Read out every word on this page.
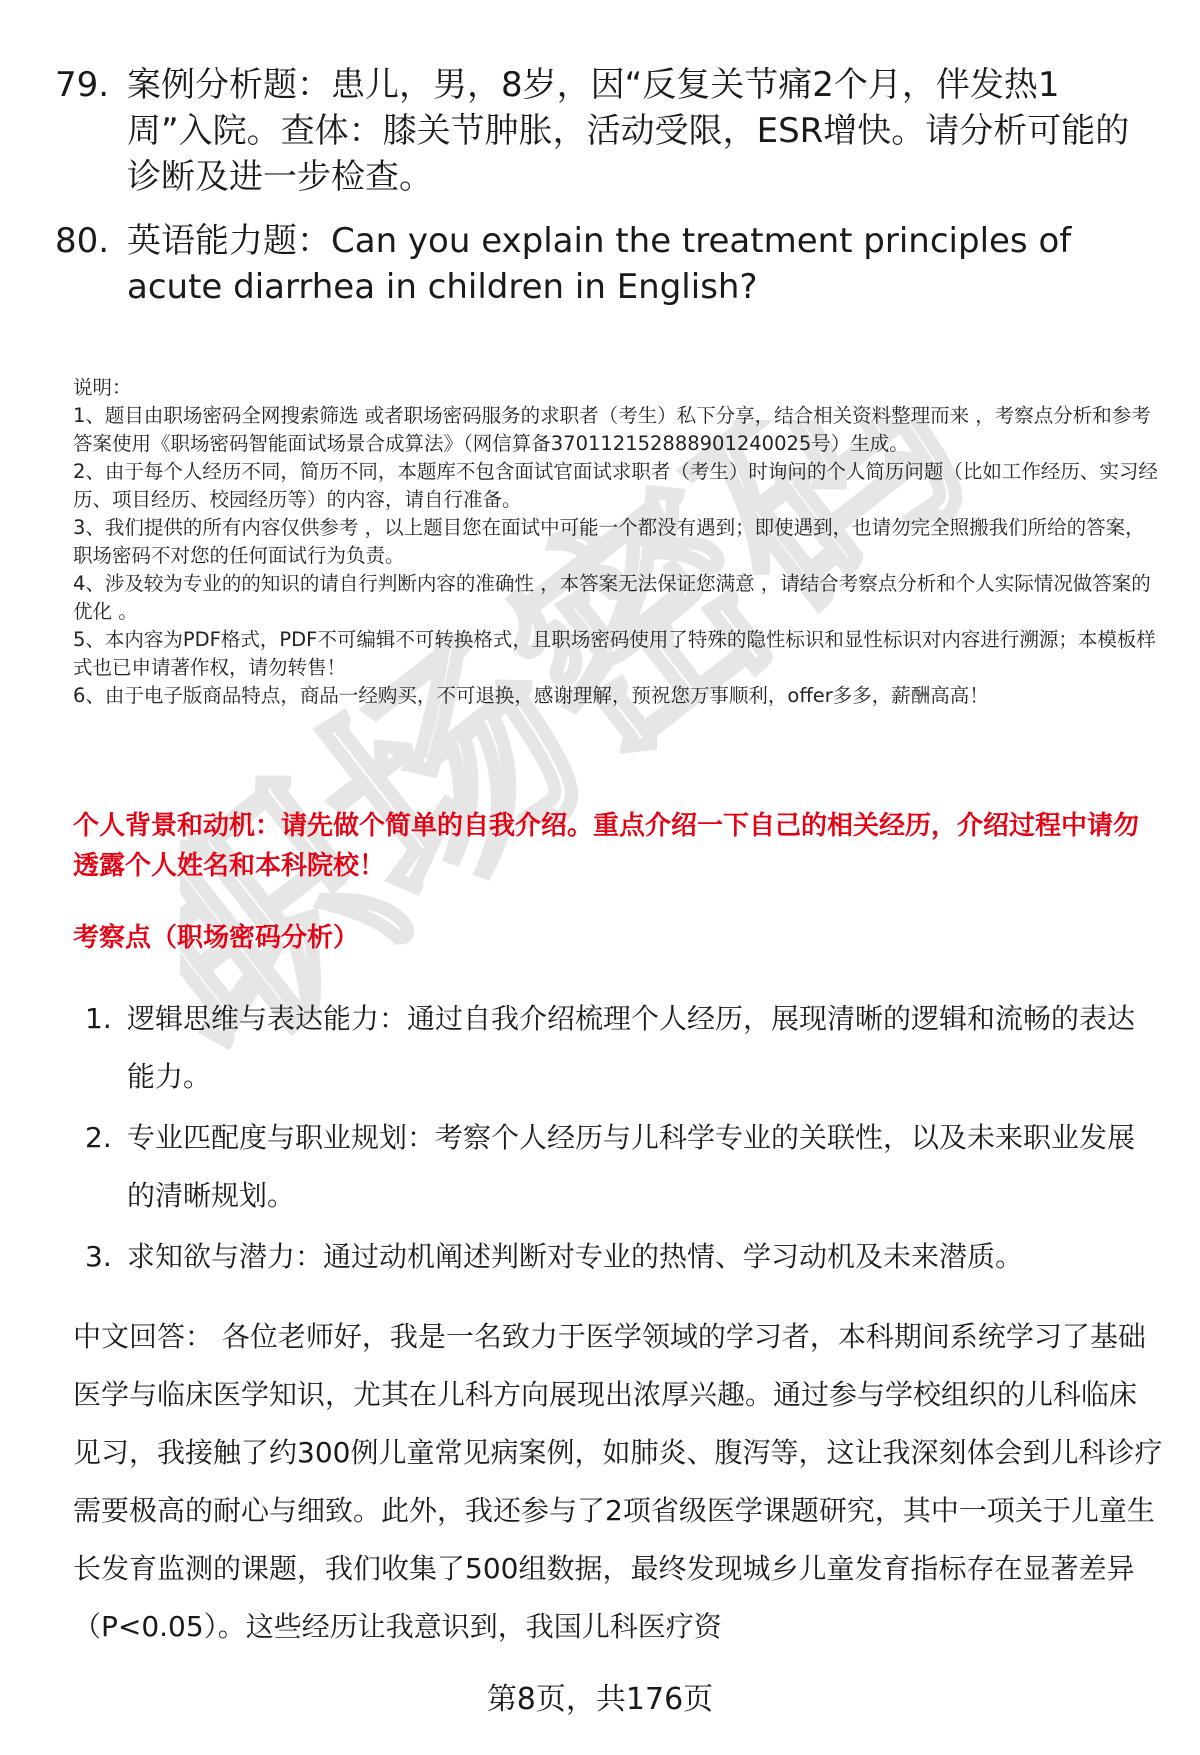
职场密码
79. 案例分析题：患儿，男，8岁，因“反复关节痛2个月，伴发热1周”入院。查体：膝关节肿胀，活动受限，ESR增快。请分析可能的诊断及进一步检查。
80. 英语能力题：Can you explain the treatment principles of acute diarrhea in children in English?

说明：

1、题目由职场密码全网搜索筛选 或者职场密码服务的求职者（考生）私下分享，结合相关资料整理而来 ，考察点分析和参考答案使用《职场密码智能面试场景合成算法》（网信算备370112152888901240025号）生成。

2、由于每个人经历不同，简历不同，本题库不包含面试官面试求职者（考生）时询问的个人简历问题（比如工作经历、实习经历、项目经历、校园经历等）的内容，请自行准备。

3、我们提供的所有内容仅供参考 ，以上题目您在面试中可能一个都没有遇到；即使遇到，也请勿完全照搬我们所给的答案，职场密码不对您的任何面试行为负责。

4、涉及较为专业的的知识的请自行判断内容的准确性 ，本答案无法保证您满意 ，请结合考察点分析和个人实际情况做答案的优化 。

5、本内容为PDF格式，PDF不可编辑不可转换格式，且职场密码使用了特殊的隐性标识和显性标识对内容进行溯源；本模板样式也已申请著作权，请勿转售！

6、由于电子版商品特点，商品一经购买，不可退换，感谢理解，预祝您万事顺利，offer多多，薪酬高高！

个人背景和动机：请先做个简单的自我介绍。重点介绍一下自己的相关经历，介绍过程中请勿透露个人姓名和本科院校！
考察点（职场密码分析）
1. 逻辑思维与表达能力：通过自我介绍梳理个人经历，展现清晰的逻辑和流畅的表达能力。
2. 专业匹配度与职业规划：考察个人经历与儿科学专业的关联性，以及未来职业发展的清晰规划。
3. 求知欲与潜力：通过动机阐述判断对专业的热情、学习动机及未来潜质。

中文回答： 各位老师好，我是一名致力于医学领域的学习者，本科期间系统学习了基础医学与临床医学知识，尤其在儿科方向展现出浓厚兴趣。通过参与学校组织的儿科临床见习，我接触了约300例儿童常见病案例，如肺炎、腹泻等，这让我深刻体会到儿科诊疗需要极高的耐心与细致。此外，我还参与了2项省级医学课题研究，其中一项关于儿童生长发育监测的课题，我们收集了500组数据，最终发现城乡儿童发育指标存在显著差异（P<0.05）。这些经历让我意识到，我国儿科医疗资

第8页，共176页
